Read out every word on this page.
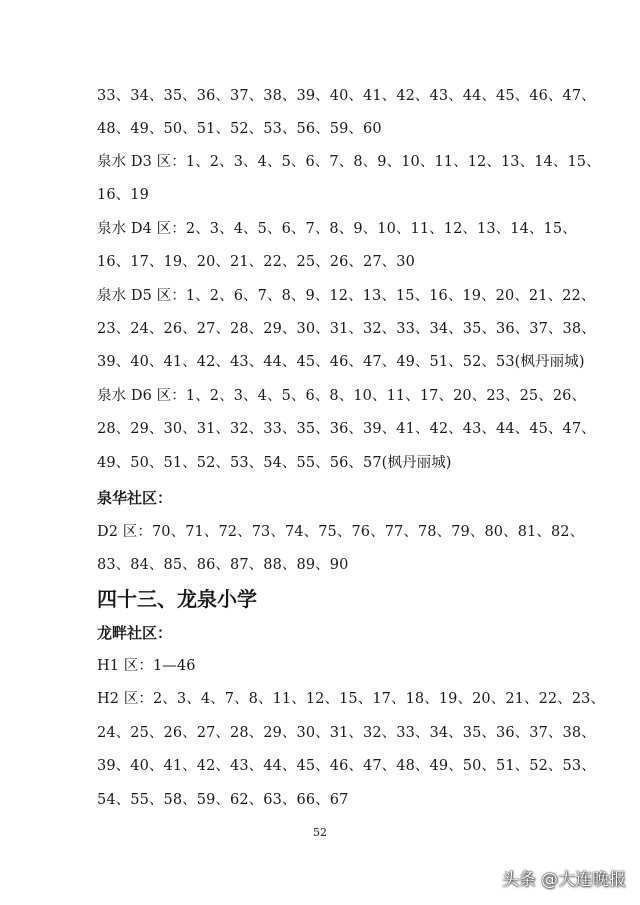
33、34、35、36、37、38、39、40、41、42、43、44、45、46、47、
48、49、50、51、52、53、56、59、60
泉水 D3 区：1、2、3、4、5、6、7、8、9、10、11、12、13、14、15、
16、19
泉水 D4 区：2、3、4、5、6、7、8、9、10、11、12、13、14、15、
16、17、19、20、21、22、25、26、27、30
泉水 D5 区：1、2、6、7、8、9、12、13、15、16、19、20、21、22、
23、24、26、27、28、29、30、31、32、33、34、35、36、37、38、
39、40、41、42、43、44、45、46、47、49、51、52、53(枫丹丽城)
泉水 D6 区：1、2、3、4、5、6、8、10、11、17、20、23、25、26、
28、29、30、31、32、33、35、36、39、41、42、43、44、45、47、
49、50、51、52、53、54、55、56、57(枫丹丽城)
泉华社区：
D2 区：70、71、72、73、74、75、76、77、78、79、80、81、82、
83、84、85、86、87、88、89、90
四十三、龙泉小学
龙畔社区：
H1 区：1—46
H2 区：2、3、4、7、8、11、12、15、17、18、19、20、21、22、23、
24、25、26、27、28、29、30、31、32、33、34、35、36、37、38、
39、40、41、42、43、44、45、46、47、48、49、50、51、52、53、
54、55、58、59、62、63、66、67
52
头条 @大连晚报
